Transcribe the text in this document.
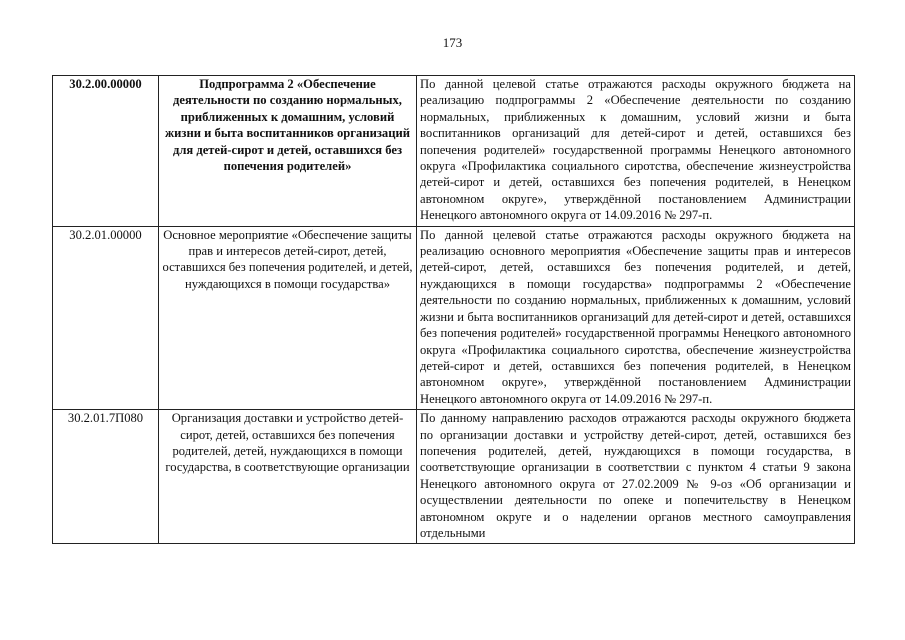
173
30.2.00.00000	Подпрограмма 2 «Обеспечение деятельности по созданию нормальных, приближенных к домашним, условий жизни и быта воспитанников организаций для детей-сирот и детей, оставшихся без попечения родителей»	По данной целевой статье отражаются расходы окружного бюджета на реализацию подпрограммы 2 «Обеспечение деятельности по созданию нормальных, приближенных к домашним, условий жизни и быта воспитанников организаций для детей-сирот и детей, оставшихся без попечения родителей» государственной программы Ненецкого автономного округа «Профилактика социального сиротства, обеспечение жизнеустройства детей-сирот и детей, оставшихся без попечения родителей, в Ненецком автономном округе», утверждённой постановлением Администрации Ненецкого автономного округа от 14.09.2016 № 297-п.
30.2.01.00000	Основное мероприятие «Обеспечение защиты прав и интересов детей-сирот, детей, оставшихся без попечения родителей, и детей, нуждающихся в помощи государства»	По данной целевой статье отражаются расходы окружного бюджета на реализацию основного мероприятия «Обеспечение защиты прав и интересов детей-сирот, детей, оставшихся без попечения родителей, и детей, нуждающихся в помощи государства» подпрограммы 2 «Обеспечение деятельности по созданию нормальных, приближенных к домашним, условий жизни и быта воспитанников организаций для детей-сирот и детей, оставшихся без попечения родителей» государственной программы Ненецкого автономного округа «Профилактика социального сиротства, обеспечение жизнеустройства детей-сирот и детей, оставшихся без попечения родителей, в Ненецком автономном округе», утверждённой постановлением Администрации Ненецкого автономного округа от 14.09.2016 № 297-п.
30.2.01.7П080	Организация доставки и устройство детей-сирот, детей, оставшихся без попечения родителей, детей, нуждающихся в помощи государства, в соответствующие организации	По данному направлению расходов отражаются расходы окружного бюджета по организации доставки и устройству детей-сирот, детей, оставшихся без попечения родителей, детей, нуждающихся в помощи государства, в соответствующие организации в соответствии с пунктом 4 статьи 9 закона Ненецкого автономного округа от 27.02.2009 № 9-оз «Об организации и осуществлении деятельности по опеке и попечительству в Ненецком автономном округе и о наделении органов местного самоуправления отдельными
